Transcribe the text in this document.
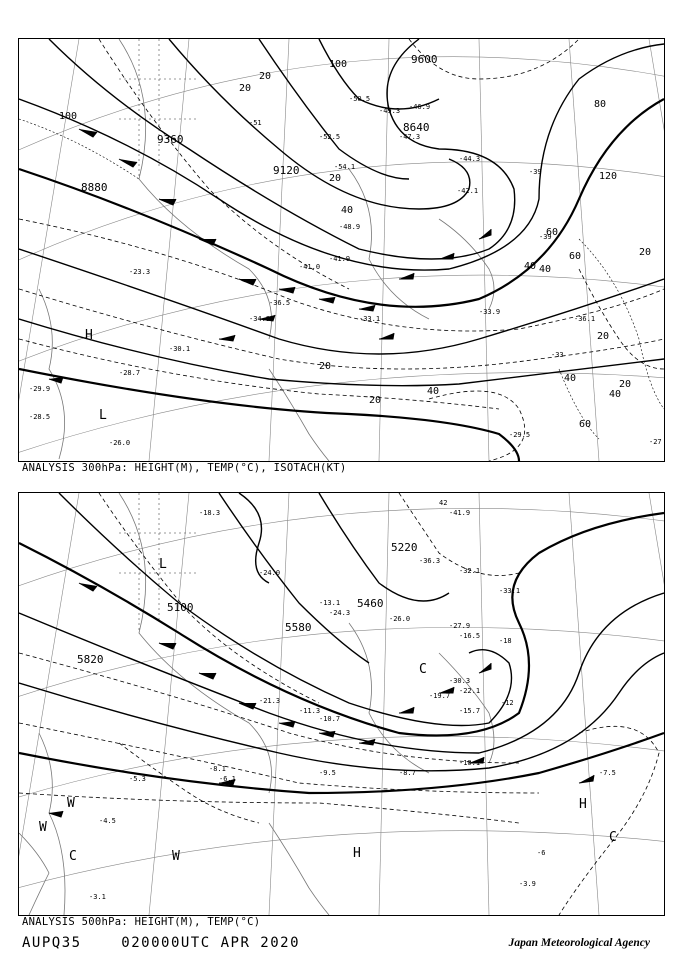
H
L
9360
9120
8640
8880
9600
100
80
60
40
20
120
100
60
40
20
40
20
20
60
40
20
40
20
20
20
40
-51
-52.5
-54.1
-48.9
-46.9
-44.3
-42.1
-41.9
-41.0
-36.5
-34.9	-33.1
-33.9
-36.1
-29.5
-28.7
-26.0
-29.9
-23.3
-28.5
-30.1
-39
-39
-33
-27
-47.3
-49.3
-50.5
ANALYSIS 300hPa: HEIGHT(M), TEMP(°C), ISOTACH(KT)
L
H
H
C
C
W
W
W
C
5820
5580
5460
5220
5100
-41.9
-36.3
-32.1
-33.1
-27.9
-24.0
-22.1
-18.3
-16.5
-15.7
-13.1
-11.3
-10.7
-10.1
-9.5	-8.7
-8.1	-7.5
-6.1
-5.3
-4.5
-3.9
-3.1
-30.3
-26.0
-24.3
-21.3
-19.7
-18
-12
-6
42
ANALYSIS 500hPa: HEIGHT(M), TEMP(°C)
AUPQ35	020000UTC APR 2020	Japan Meteorological Agency
